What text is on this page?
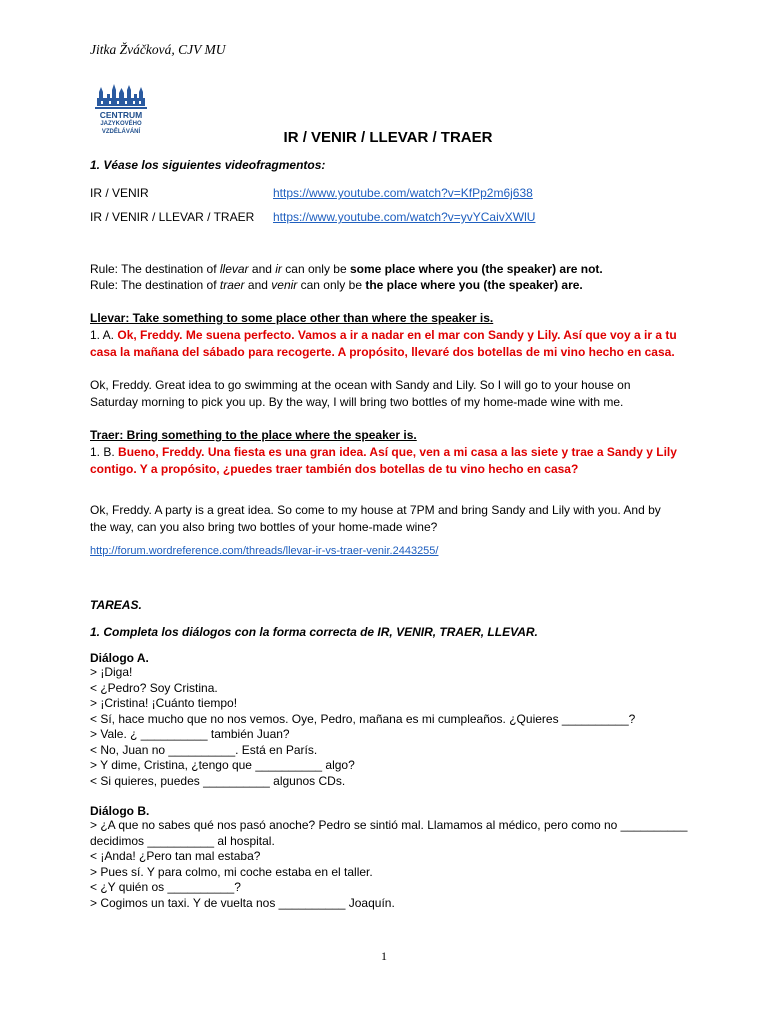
Jitka Žváčková, CJV MU
CENTRUM
JAZYKOVÉHO
VZDĚLÁVÁNÍ	IR / VENIR / LLEVAR / TRAER
1. Véase los siguientes videofragmentos:
IR / VENIR	https://www.youtube.com/watch?v=KfPp2m6j638
IR / VENIR / LLEVAR / TRAER https://www.youtube.com/watch?v=yvYCaivXWlU
Rule: The destination of llevar and ir can only be some place where you (the speaker) are not.
Rule: The destination of traer and venir can only be the place where you (the speaker) are.
Llevar: Take something to some place other than where the speaker is.
1. A. Ok, Freddy. Me suena perfecto. Vamos a ir a nadar en el mar con Sandy y Lily. Así que voy a ir a tu casa la mañana del sábado para recogerte. A propósito, llevaré dos botellas de mi vino hecho en casa.
Ok, Freddy. Great idea to go swimming at the ocean with Sandy and Lily. So I will go to your house on Saturday morning to pick you up. By the way, I will bring two bottles of my home-made wine with me.
Traer: Bring something to the place where the speaker is.
1. B. Bueno, Freddy. Una fiesta es una gran idea. Así que, ven a mi casa a las siete y trae a Sandy y Lily contigo. Y a propósito, ¿puedes traer también dos botellas de tu vino hecho en casa?
Ok, Freddy. A party is a great idea. So come to my house at 7PM and bring Sandy and Lily with you. And by the way, can you also bring two bottles of your home-made wine?
http://forum.wordreference.com/threads/llevar-ir-vs-traer-venir.2443255/
TAREAS.
1. Completa los diálogos con la forma correcta de IR, VENIR, TRAER, LLEVAR.
Diálogo A.
> ¡Diga!
< ¿Pedro? Soy Cristina.
> ¡Cristina! ¡Cuánto tiempo!
< Sí, hace mucho que no nos vemos. Oye, Pedro, mañana es mi cumpleaños. ¿Quieres __________?
> Vale. ¿ __________ también Juan?
< No, Juan no __________. Está en París.
> Y dime, Cristina, ¿tengo que __________ algo?
< Si quieres, puedes __________ algunos CDs.
Diálogo B.
> ¿A que no sabes qué nos pasó anoche? Pedro se sintió mal. Llamamos al médico, pero como no __________
decidimos __________ al hospital.
< ¡Anda! ¿Pero tan mal estaba?
> Pues sí. Y para colmo, mi coche estaba en el taller.
< ¿Y quién os __________?
> Cogimos un taxi. Y de vuelta nos __________ Joaquín.
1
